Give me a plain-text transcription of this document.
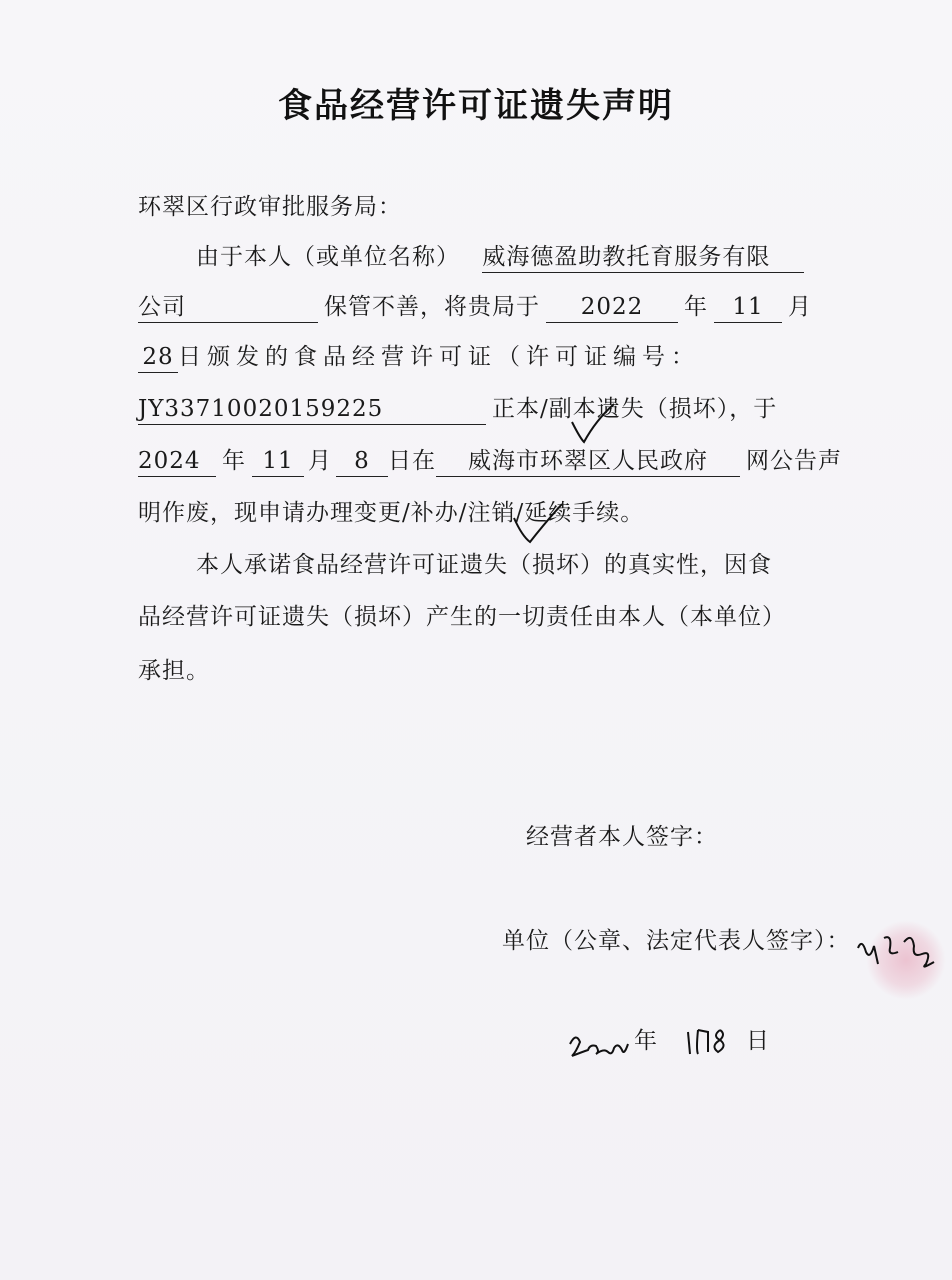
食品经营许可证遗失声明
环翠区行政审批服务局：
由于本人（或单位名称） 威海德盈助教托育服务有限
公司	保管不善，将贵局于 2022 年 11 月
28 日颁发的食品经营许可证（许可证编号：
JY33710020159225	正本/副本遗失（损坏），于
2024 年 11 月 8 日在 威海市环翠区人民政府 网公告声
明作废，现申请办理变更/补办/注销/延续手续。
本人承诺食品经营许可证遗失（损坏）的真实性，因食
品经营许可证遗失（损坏）产生的一切责任由本人（本单位）
承担。
经营者本人签字：
单位（公章、法定代表人签字）：
年	日
